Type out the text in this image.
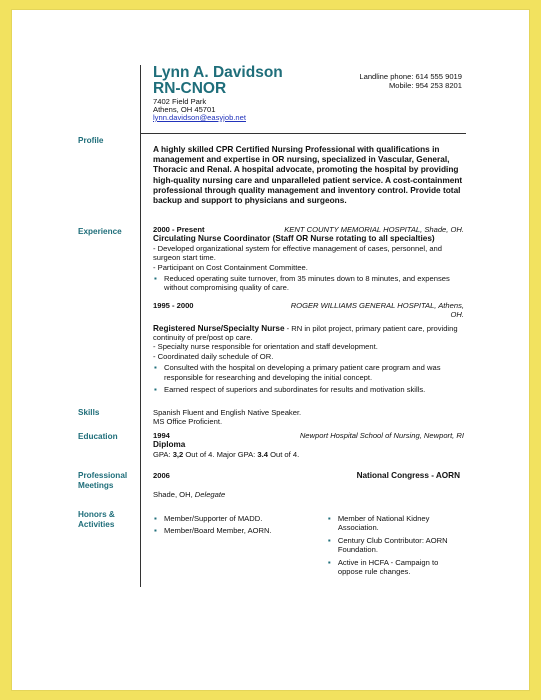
Lynn A. Davidson
RN-CNOR
7402 Field Park
Athens, OH 45701
lynn.davidson@easyjob.net
Landline phone: 614 555 9019
Mobile: 954 253 8201
Profile
A highly skilled CPR Certified Nursing Professional with qualifications in management and expertise in OR nursing, specialized in Vascular, General, Thoracic and Renal. A hospital advocate, promoting the hospital by providing high-quality nursing care and unparalleled patient service. A cost-containment professional through quality management and inventory control. Provide total backup and support to physicians and surgeons.
Experience	2000 - Present	KENT COUNTY MEMORIAL HOSPITAL, Shade, OH.
Circulating Nurse Coordinator (Staff OR Nurse rotating to all specialties)
- Developed organizational system for effective management of cases, personnel, and surgeon start time.
- Participant on Cost Containment Committee.
▪ Reduced operating suite turnover, from 35 minutes down to 8 minutes, and expenses without compromising quality of care.
1995 - 2000	ROGER WILLIAMS GENERAL HOSPITAL, Athens,
OH.
Registered Nurse/Specialty Nurse - RN in pilot project, primary patient care, providing continuity of pre/post op care.
- Specialty nurse responsible for orientation and staff development.
- Coordinated daily schedule of OR.
▪ Consulted with the hospital on developing a primary patient care program and was responsible for researching and developing the initial concept.
▪ Earned respect of superiors and subordinates for results and motivation skills.
Skills	Spanish Fluent and English Native Speaker.
MS Office Proficient.
Education	1994	Newport Hospital School of Nursing, Newport, RI
Diploma
GPA: 3,2 Out of 4. Major GPA: 3.4 Out of 4.
Professional
Meetings
2006	National Congress - AORN
Shade, OH, Delegate
Honors &
Activities
▪ Member/Supporter of MADD.
▪ Member/Board Member, AORN.
▪ Member of National Kidney Association.
▪ Century Club Contributor: AORN Foundation.
▪ Active in HCFA - Campaign to oppose rule changes.
